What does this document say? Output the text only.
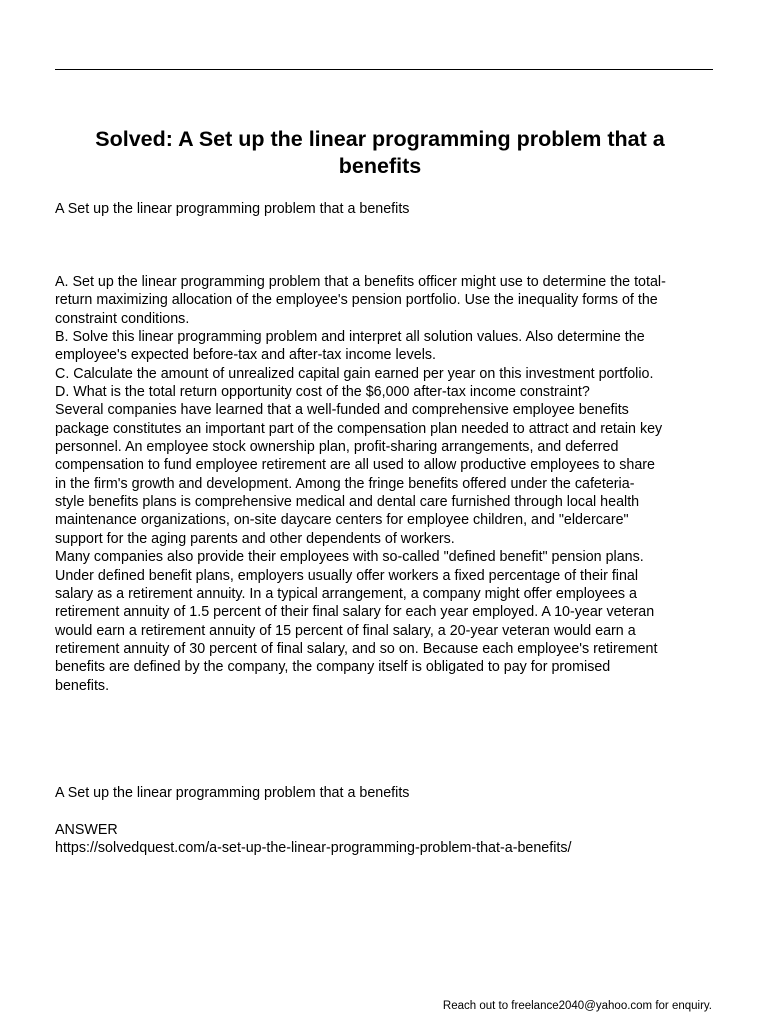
Solved: A Set up the linear programming problem that a benefits

A Set up the linear programming problem that a benefits

A. Set up the linear programming problem that a benefits officer might use to determine the total-
return maximizing allocation of the employee's pension portfolio. Use the inequality forms of the
constraint conditions.
B. Solve this linear programming problem and interpret all solution values. Also determine the
employee's expected before-tax and after-tax income levels.
C. Calculate the amount of unrealized capital gain earned per year on this investment portfolio.
D. What is the total return opportunity cost of the $6,000 after-tax income constraint?
Several companies have learned that a well-funded and comprehensive employee benefits
package constitutes an important part of the compensation plan needed to attract and retain key
personnel. An employee stock ownership plan, profit-sharing arrangements, and deferred
compensation to fund employee retirement are all used to allow productive employees to share
in the firm's growth and development. Among the fringe benefits offered under the cafeteria-
style benefits plans is comprehensive medical and dental care furnished through local health
maintenance organizations, on-site daycare centers for employee children, and "eldercare"
support for the aging parents and other dependents of workers.
Many companies also provide their employees with so-called "defined benefit" pension plans.
Under defined benefit plans, employers usually offer workers a fixed percentage of their final
salary as a retirement annuity. In a typical arrangement, a company might offer employees a
retirement annuity of 1.5 percent of their final salary for each year employed. A 10-year veteran
would earn a retirement annuity of 15 percent of final salary, a 20-year veteran would earn a
retirement annuity of 30 percent of final salary, and so on. Because each employee's retirement
benefits are defined by the company, the company itself is obligated to pay for promised
benefits.

A Set up the linear programming problem that a benefits

ANSWER

https://solvedquest.com/a-set-up-the-linear-programming-problem-that-a-benefits/

Reach out to freelance2040@yahoo.com for enquiry.
